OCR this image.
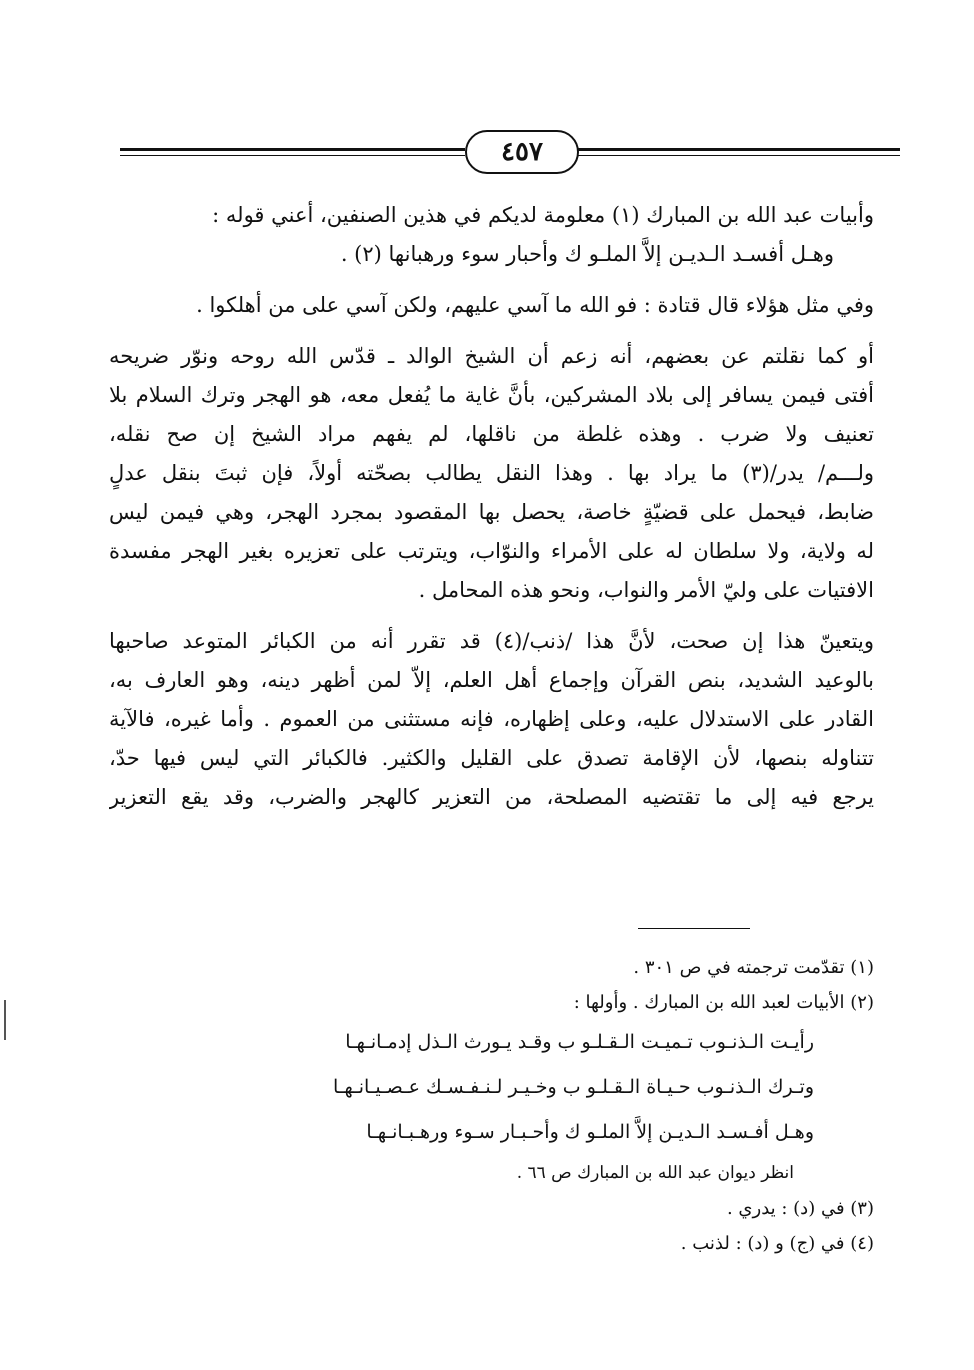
٤٥٧
وأبيات عبد الله بن المبارك (١) معلومة لديكم في هذين الصنفين، أعني قوله :
وهـل أفسـد الـديـن إلاَّ الملـو ك وأحبار سوء ورهبانها (٢) .
وفي مثل هؤلاء قال قتادة : فو الله ما آسي عليهم، ولكن آسي على من أهلكوا .
أو كما نقلتم عن بعضهم، أنه زعم أن الشيخ الوالد ـ قدّس الله روحه ونوّر ضريحه
أفتى فيمن يسافر إلى بلاد المشركين، بأنَّ غاية ما يُفعل معه، هو الهجر وترك السلام بلا
تعنيف ولا ضرب . وهذه غلطة من ناقلها، لم يفهم مراد الشيخ إن صح نقله،
ولـــم/ يدر/(٣) ما يراد بها . وهذا النقل يطالب بصحّته أولاً، فإن ثبتَ بنقل عدلٍ
ضابط، فيحمل على قضيّةٍ خاصة، يحصل بها المقصود بمجرد الهجر، وهي فيمن ليس
له ولاية، ولا سلطان له على الأمراء والنوّاب، ويترتب على تعزيره بغير الهجر مفسدة
الافتيات على وليّ الأمر والنواب، ونحو هذه المحامل .
ويتعينّ هذا إن صحت، لأنَّ هذا /ذنب/(٤) قد تقرر أنه من الكبائر المتوعد صاحبها
بالوعيد الشديد، بنص القرآن وإجماع أهل العلم، إلاّ لمن أظهر دينه، وهو العارف به،
القادر على الاستدلال عليه، وعلى إظهاره، فإنه مستثنى من العموم . وأما غيره، فالآية
تتناوله بنصها، لأن الإقامة تصدق على القليل والكثير. فالكبائر التي ليس فيها حدّ،
يرجع فيه إلى ما تقتضيه المصلحة، من التعزير كالهجر والضرب، وقد يقع التعزير
(١) تقدّمت ترجمته في ص ٣٠١ .
(٢) الأبيات لعبد الله بن المبارك . وأولها :
رأيـت الـذنـوب تـميـت الـقـلـو ب وقـد يـورث الـذل إدمـانـهـا
وتـرك الـذنـوب حـيـاة الـقـلـو ب وخـيـر لـنـفـسـك عـصـيـانـهـا
وهـل أفـسـد الـديـن إلاَّ الملـو ك وأحـبـار سـوء ورهـبـانـهـا
انظر ديوان عبد الله بن المبارك ص ٦٦ .
(٣) في (د) : يدري .
(٤) في (ج) و (د) : لذنب .
